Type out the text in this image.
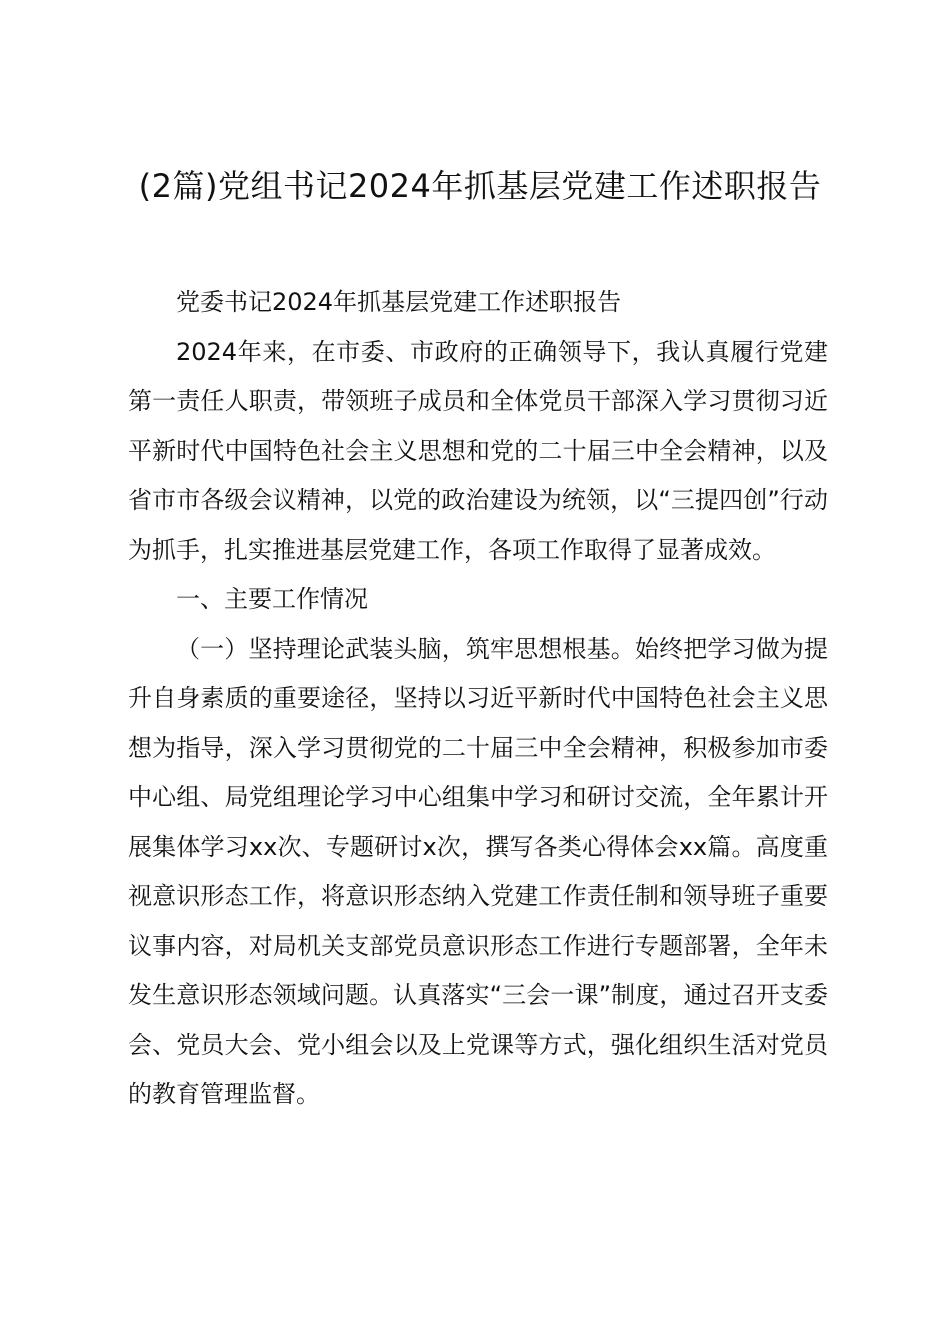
(2篇)党组书记2024年抓基层党建工作述职报告

党委书记2024年抓基层党建工作述职报告

2024年来，在市委、市政府的正确领导下，我认真履行党建第一责任人职责，带领班子成员和全体党员干部深入学习贯彻习近平新时代中国特色社会主义思想和党的二十届三中全会精神，以及省市市各级会议精神，以党的政治建设为统领，以“三提四创”行动为抓手，扎实推进基层党建工作，各项工作取得了显著成效。

一、主要工作情况

（一）坚持理论武装头脑，筑牢思想根基。始终把学习做为提升自身素质的重要途径，坚持以习近平新时代中国特色社会主义思想为指导，深入学习贯彻党的二十届三中全会精神，积极参加市委中心组、局党组理论学习中心组集中学习和研讨交流，全年累计开展集体学习xx次、专题研讨x次，撰写各类心得体会xx篇。高度重视意识形态工作，将意识形态纳入党建工作责任制和领导班子重要议事内容，对局机关支部党员意识形态工作进行专题部署，全年未发生意识形态领域问题。认真落实“三会一课”制度，通过召开支委会、党员大会、党小组会以及上党课等方式，强化组织生活对党员的教育管理监督。
